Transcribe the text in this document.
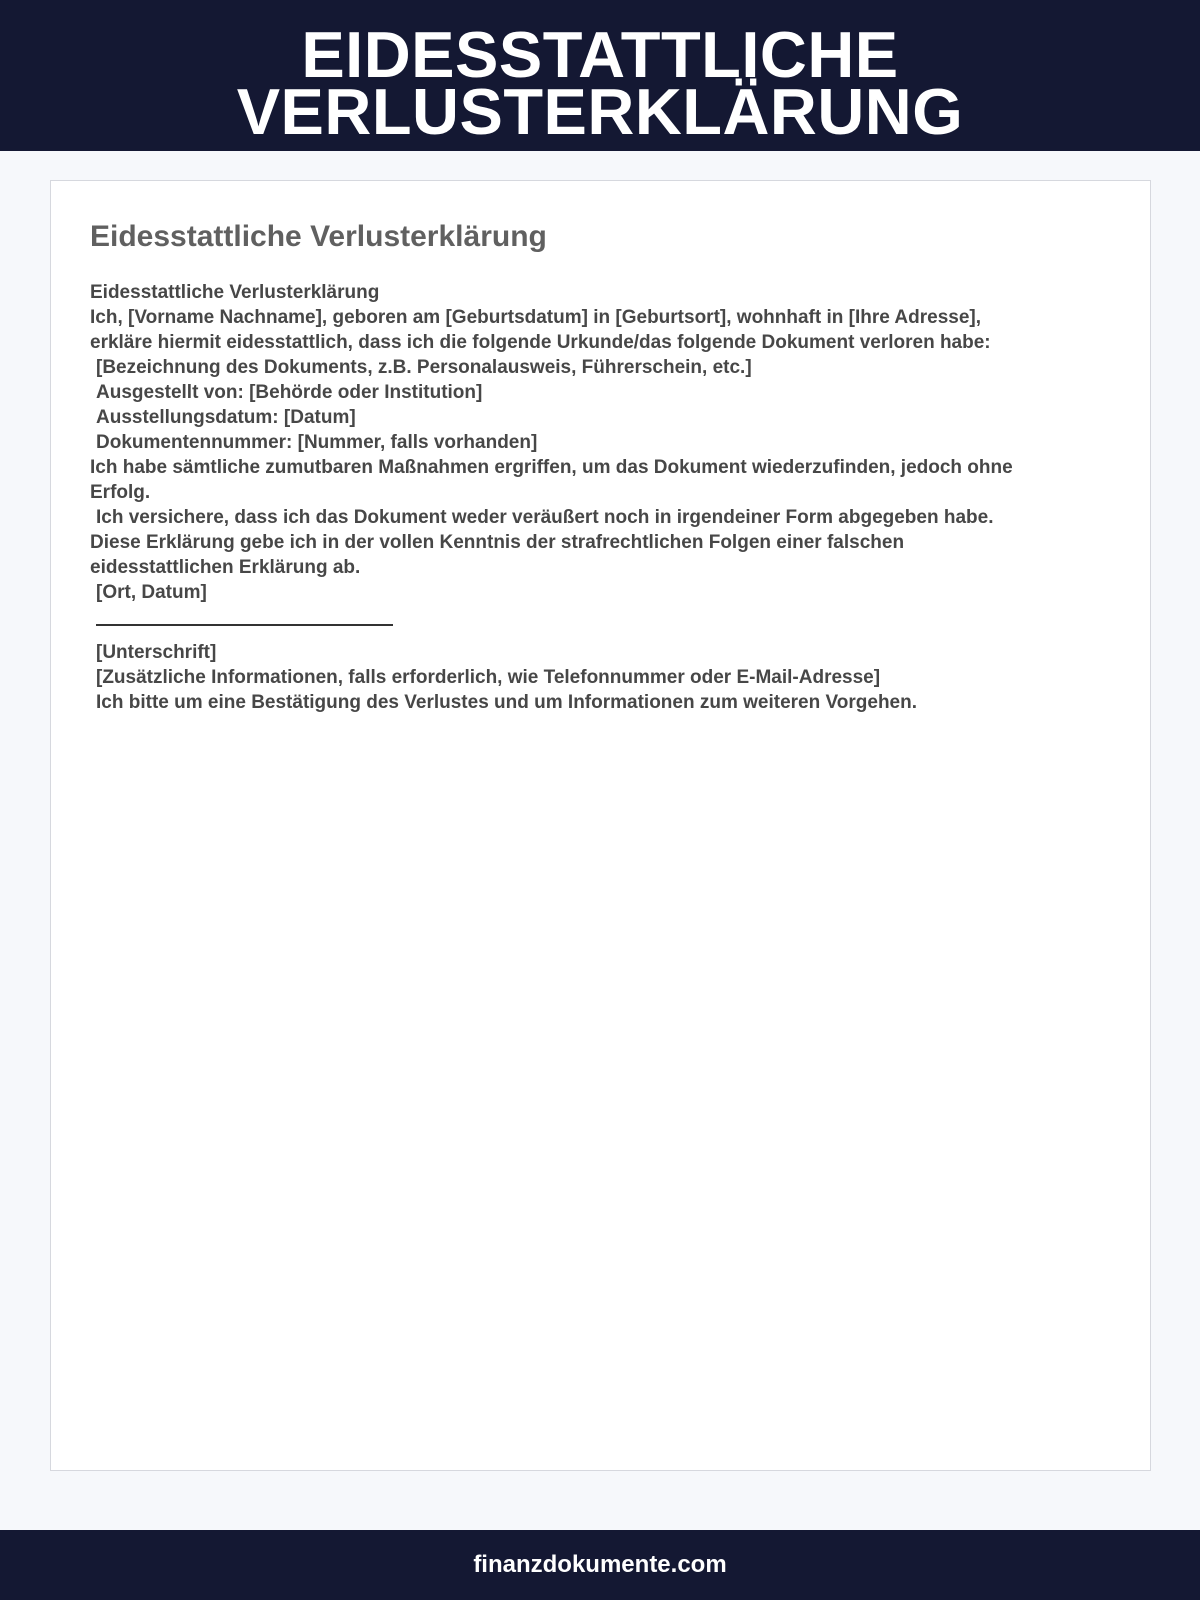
EIDESSTATTLICHE
VERLUSTERKLÄRUNG
Eidesstattliche Verlusterklärung
Eidesstattliche Verlusterklärung
Ich, [Vorname Nachname], geboren am [Geburtsdatum] in [Geburtsort], wohnhaft in [Ihre Adresse],
erkläre hiermit eidesstattlich, dass ich die folgende Urkunde/das folgende Dokument verloren habe:
[Bezeichnung des Dokuments, z.B. Personalausweis, Führerschein, etc.]
Ausgestellt von: [Behörde oder Institution]
Ausstellungsdatum: [Datum]
Dokumentennummer: [Nummer, falls vorhanden]
Ich habe sämtliche zumutbaren Maßnahmen ergriffen, um das Dokument wiederzufinden, jedoch ohne
Erfolg.
Ich versichere, dass ich das Dokument weder veräußert noch in irgendeiner Form abgegeben habe.
Diese Erklärung gebe ich in der vollen Kenntnis der strafrechtlichen Folgen einer falschen
eidesstattlichen Erklärung ab.
[Ort, Datum]
[Unterschrift]
[Zusätzliche Informationen, falls erforderlich, wie Telefonnummer oder E-Mail-Adresse]
Ich bitte um eine Bestätigung des Verlustes und um Informationen zum weiteren Vorgehen.
finanzdokumente.com
